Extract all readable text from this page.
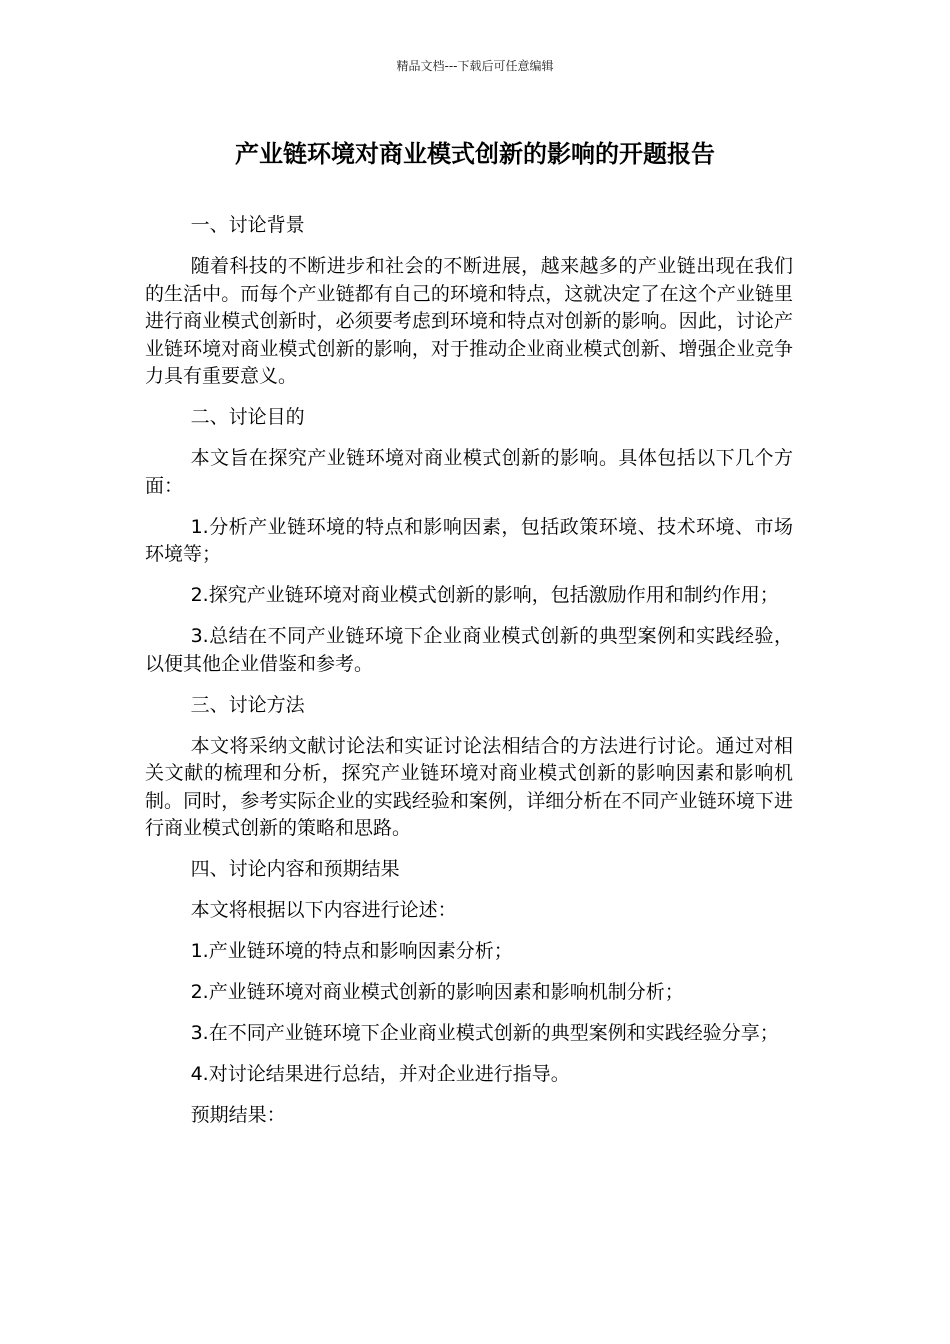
精品文档---下载后可任意编辑
产业链环境对商业模式创新的影响的开题报告

一、讨论背景

随着科技的不断进步和社会的不断进展，越来越多的产业链出现在我们的生活中。而每个产业链都有自己的环境和特点，这就决定了在这个产业链里进行商业模式创新时，必须要考虑到环境和特点对创新的影响。因此，讨论产业链环境对商业模式创新的影响，对于推动企业商业模式创新、增强企业竞争力具有重要意义。

二、讨论目的

本文旨在探究产业链环境对商业模式创新的影响。具体包括以下几个方面：

1.分析产业链环境的特点和影响因素，包括政策环境、技术环境、市场环境等；

2.探究产业链环境对商业模式创新的影响，包括激励作用和制约作用；

3.总结在不同产业链环境下企业商业模式创新的典型案例和实践经验，以便其他企业借鉴和参考。

三、讨论方法

本文将采纳文献讨论法和实证讨论法相结合的方法进行讨论。通过对相关文献的梳理和分析，探究产业链环境对商业模式创新的影响因素和影响机制。同时，参考实际企业的实践经验和案例，详细分析在不同产业链环境下进行商业模式创新的策略和思路。

四、讨论内容和预期结果

本文将根据以下内容进行论述：

1.产业链环境的特点和影响因素分析；

2.产业链环境对商业模式创新的影响因素和影响机制分析；

3.在不同产业链环境下企业商业模式创新的典型案例和实践经验分享；

4.对讨论结果进行总结，并对企业进行指导。

预期结果：
